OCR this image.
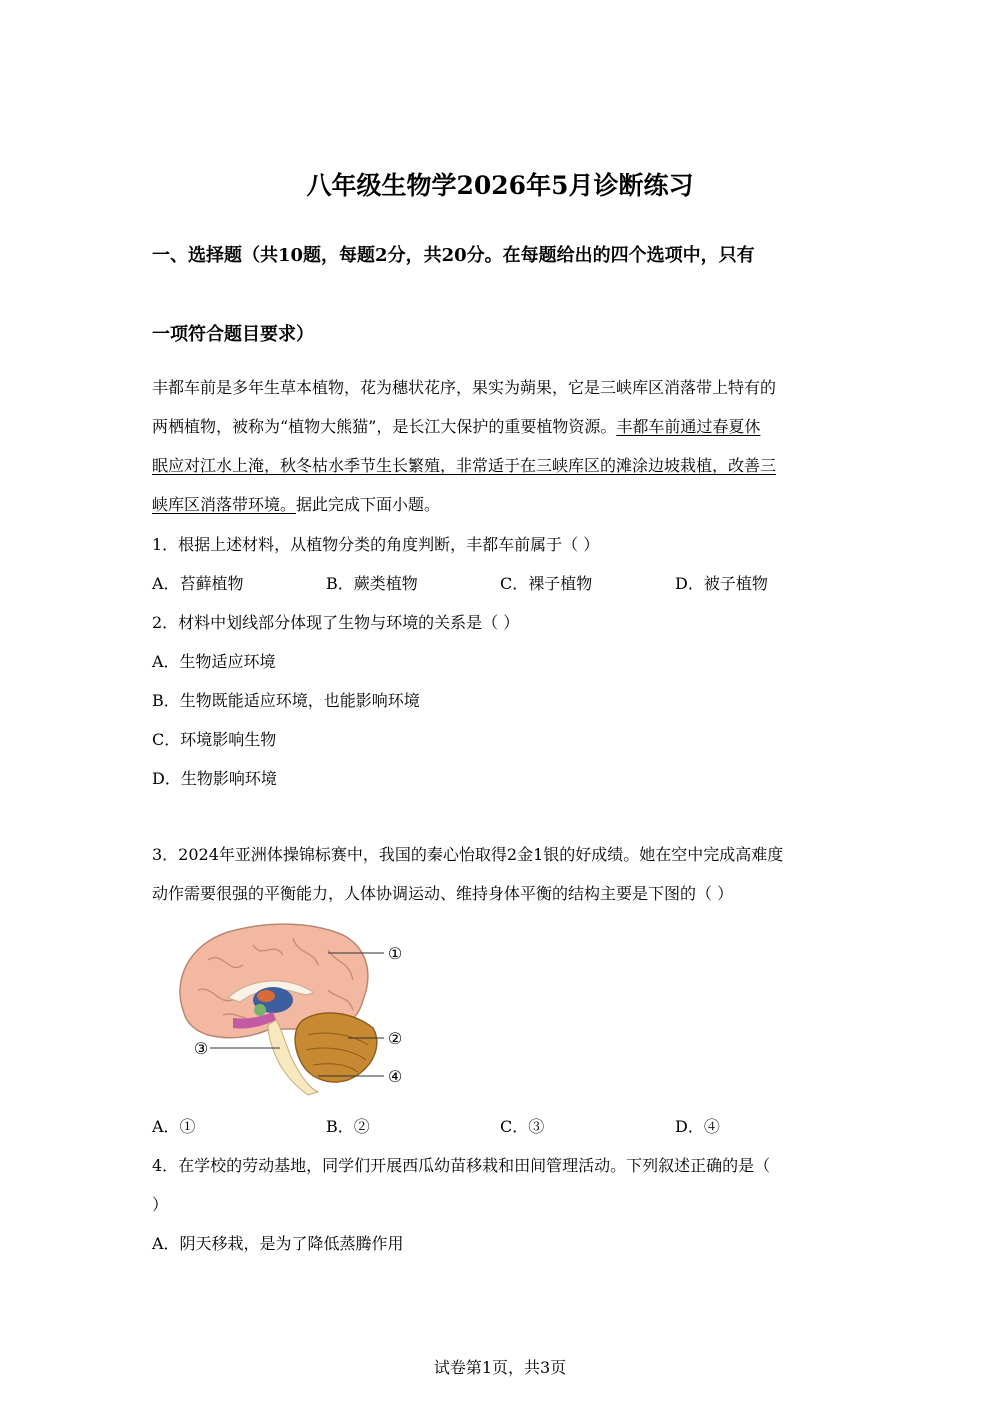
八年级生物学2026年5月诊断练习
一、选择题（共10题，每题2分，共20分。在每题给出的四个选项中，只有
一项符合题目要求）
丰都车前是多年生草本植物，花为穗状花序，果实为蒴果，它是三峡库区消落带上特有的
两栖植物，被称为“植物大熊猫”，是长江大保护的重要植物资源。丰都车前通过春夏休
眠应对江水上淹，秋冬枯水季节生长繁殖，非常适于在三峡库区的滩涂边坡栽植，改善三
峡库区消落带环境。据此完成下面小题。
1．根据上述材料，从植物分类的角度判断，丰都车前属于（ ）
A．苔藓植物	B．蕨类植物	C．裸子植物	D．被子植物
2．材料中划线部分体现了生物与环境的关系是（ ）
A．生物适应环境
B．生物既能适应环境，也能影响环境
C．环境影响生物
D．生物影响环境
3．2024年亚洲体操锦标赛中，我国的秦心怡取得2金1银的好成绩。她在空中完成高难度
动作需要很强的平衡能力，人体协调运动、维持身体平衡的结构主要是下图的（ ）
①
②
③
④
A．①	B．②	C．③	D．④
4．在学校的劳动基地，同学们开展西瓜幼苗移栽和田间管理活动。下列叙述正确的是（
）
A．阴天移栽，是为了降低蒸腾作用
试卷第1页，共3页
